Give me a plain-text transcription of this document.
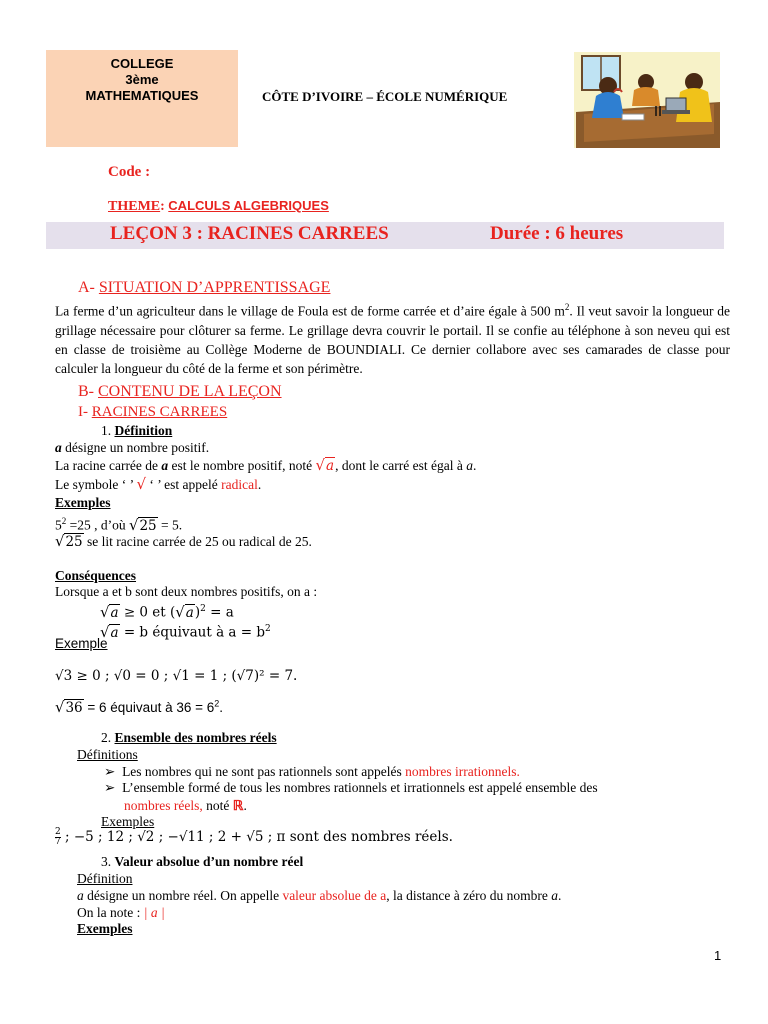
COLLEGE
3ème
MATHEMATIQUES	CÔTE D’IVOIRE – ÉCOLE NUMÉRIQUE
Code :
THEME: CALCULS ALGEBRIQUES
LEÇON 3 : RACINES CARREES	Durée : 6 heures
A- SITUATION D’APPRENTISSAGE
La ferme d’un agriculteur dans le village de Foula est de forme carrée et d’aire égale à 500 $m^2$. Il veut savoir la longueur de grillage nécessaire pour clôturer sa ferme. Le grillage devra couvrir le portail. Il se confie au téléphone à son neveu qui est en classe de troisième au Collège Moderne de BOUNDIALI. Ce dernier collabore avec ses camarades de classe pour calculer la longueur du côté de la ferme et son périmètre.
B- CONTENU DE LA LEÇON
I- RACINES CARREES
1. Définition
a désigne un nombre positif.
La racine carrée de a est le nombre positif, noté √a, dont le carré est égal à a.
Le symbole ‘ ’ √ ‘ ’ est appelé radical.
Exemples
$5^2 =25$ , d’où √25 = 5.
√25 se lit racine carrée de 25 ou radical de 25.
Conséquences
Lorsque a et b sont deux nombres positifs, on a :
√a ≥ 0 et $(√a)^2 = a$
√a = b équivaut à $a = b^2$
Exemple
√3 ≥ 0 ; √0 = 0 ; √1 = 1 ; (√7)² = 7.
√36 = 6 équivaut à $36 = 6^2$.
2. Ensemble des nombres réels
Définitions
➢ Les nombres qui ne sont pas rationnels sont appelés nombres irrationnels.
➢ L’ensemble formé de tous les nombres rationnels et irrationnels est appelé ensemble des
nombres réels, noté ℝ.
Exemples
$\frac{2}{7}$ ; −5 ; 12 ; √2 ; −√11 ; 2 + √5 ; π sont des nombres réels.
3. Valeur absolue d’un nombre réel
Définition
a désigne un nombre réel. On appelle valeur absolue de a, la distance à zéro du nombre a.
On la note : | a |
Exemples
1
